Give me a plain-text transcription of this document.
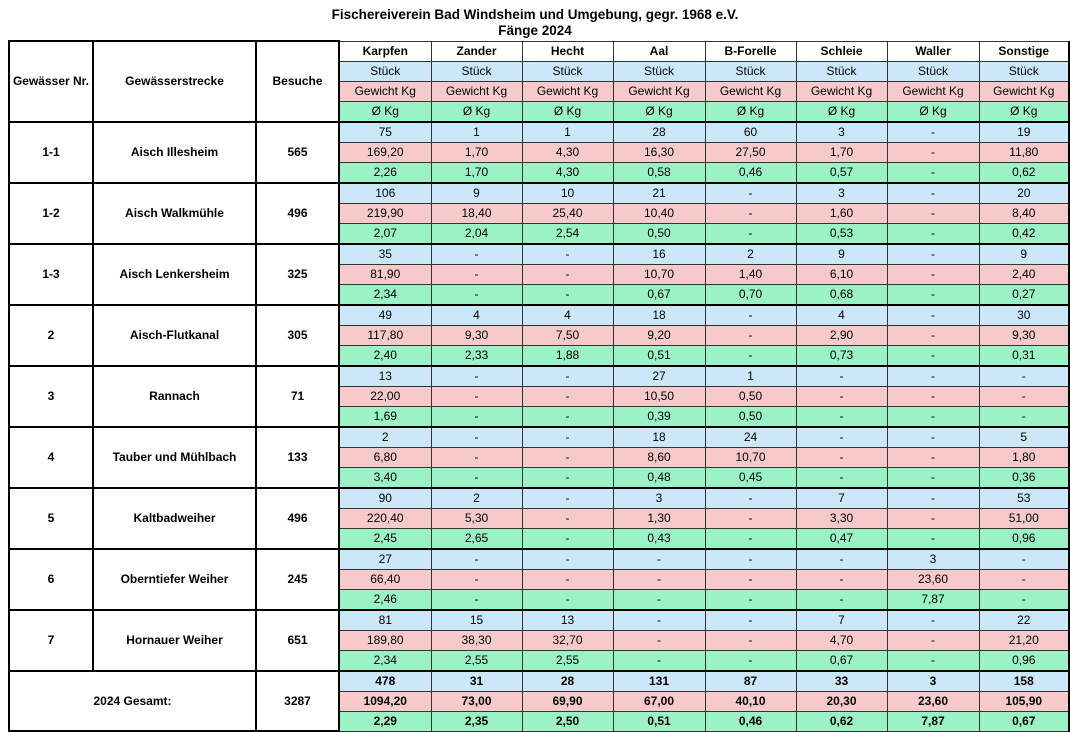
Fischereiverein Bad Windsheim und Umgebung, gegr. 1968 e.V.
Fänge 2024
Gewässer Nr.	Gewässerstrecke	Besuche	Karpfen	Zander	Hecht	Aal	B-Forelle	Schleie	Waller	Sonstige
			Stück	Stück	Stück	Stück	Stück	Stück	Stück	Stück
			Gewicht Kg	Gewicht Kg	Gewicht Kg	Gewicht Kg	Gewicht Kg	Gewicht Kg	Gewicht Kg	Gewicht Kg
			Ø Kg	Ø Kg	Ø Kg	Ø Kg	Ø Kg	Ø Kg	Ø Kg	Ø Kg
1-1	Aisch Illesheim	565	75	1	1	28	60	3	-	19
			169,20	1,70	4,30	16,30	27,50	1,70	-	11,80
			2,26	1,70	4,30	0,58	0,46	0,57	-	0,62
1-2	Aisch Walkmühle	496	106	9	10	21	-	3	-	20
			219,90	18,40	25,40	10,40	-	1,60	-	8,40
			2,07	2,04	2,54	0,50	-	0,53	-	0,42
1-3	Aisch Lenkersheim	325	35	-	-	16	2	9	-	9
			81,90	-	-	10,70	1,40	6,10	-	2,40
			2,34	-	-	0,67	0,70	0,68	-	0,27
2	Aisch-Flutkanal	305	49	4	4	18	-	4	-	30
			117,80	9,30	7,50	9,20	-	2,90	-	9,30
			2,40	2,33	1,88	0,51	-	0,73	-	0,31
3	Rannach	71	13	-	-	27	1	-	-	-
			22,00	-	-	10,50	0,50	-	-	-
			1,69	-	-	0,39	0,50	-	-	-
4	Tauber und Mühlbach	133	2	-	-	18	24	-	-	5
			6,80	-	-	8,60	10,70	-	-	1,80
			3,40	-	-	0,48	0,45	-	-	0,36
5	Kaltbadweiher	496	90	2	-	3	-	7	-	53
			220,40	5,30	-	1,30	-	3,30	-	51,00
			2,45	2,65	-	0,43	-	0,47	-	0,96
6	Oberntiefer Weiher	245	27	-	-	-	-	-	3	-
			66,40	-	-	-	-	-	23,60	-
			2,46	-	-	-	-	-	7,87	-
7	Hornauer Weiher	651	81	15	13	-	-	7	-	22
			189,80	38,30	32,70	-	-	4,70	-	21,20
			2,34	2,55	2,55	-	-	0,67	-	0,96
2024 Gesamt:		3287	478	31	28	131	87	33	3	158
			1094,20	73,00	69,90	67,00	40,10	20,30	23,60	105,90
			2,29	2,35	2,50	0,51	0,46	0,62	7,87	0,67
